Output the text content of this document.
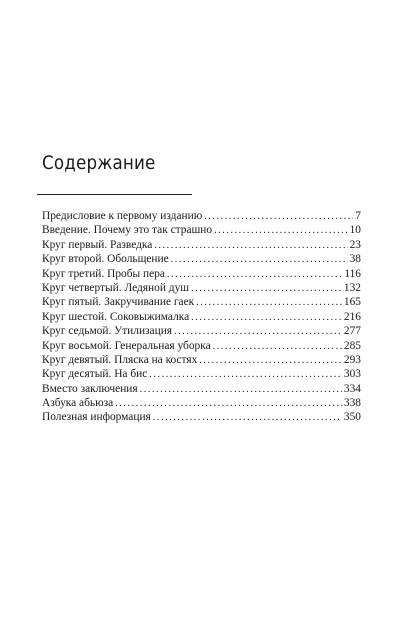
Содержание
Предисловие к первому изданию .....	7
Введение. Почему это так страшно .....	10
Круг первый. Разведка .....	23
Круг второй. Обольщение .....	38
Круг третий. Пробы пера .....	116
Круг четвертый. Ледяной душ .....	132
Круг пятый. Закручивание гаек .....	165
Круг шестой. Соковыжималка .....	216
Круг седьмой. Утилизация .....	277
Круг восьмой. Генеральная уборка .....	285
Круг девятый. Пляска на костях .....	293
Круг десятый. На бис .....	303
Вместо заключения .....	334
Азбука абьюза .....	338
Полезная информация .....	350
